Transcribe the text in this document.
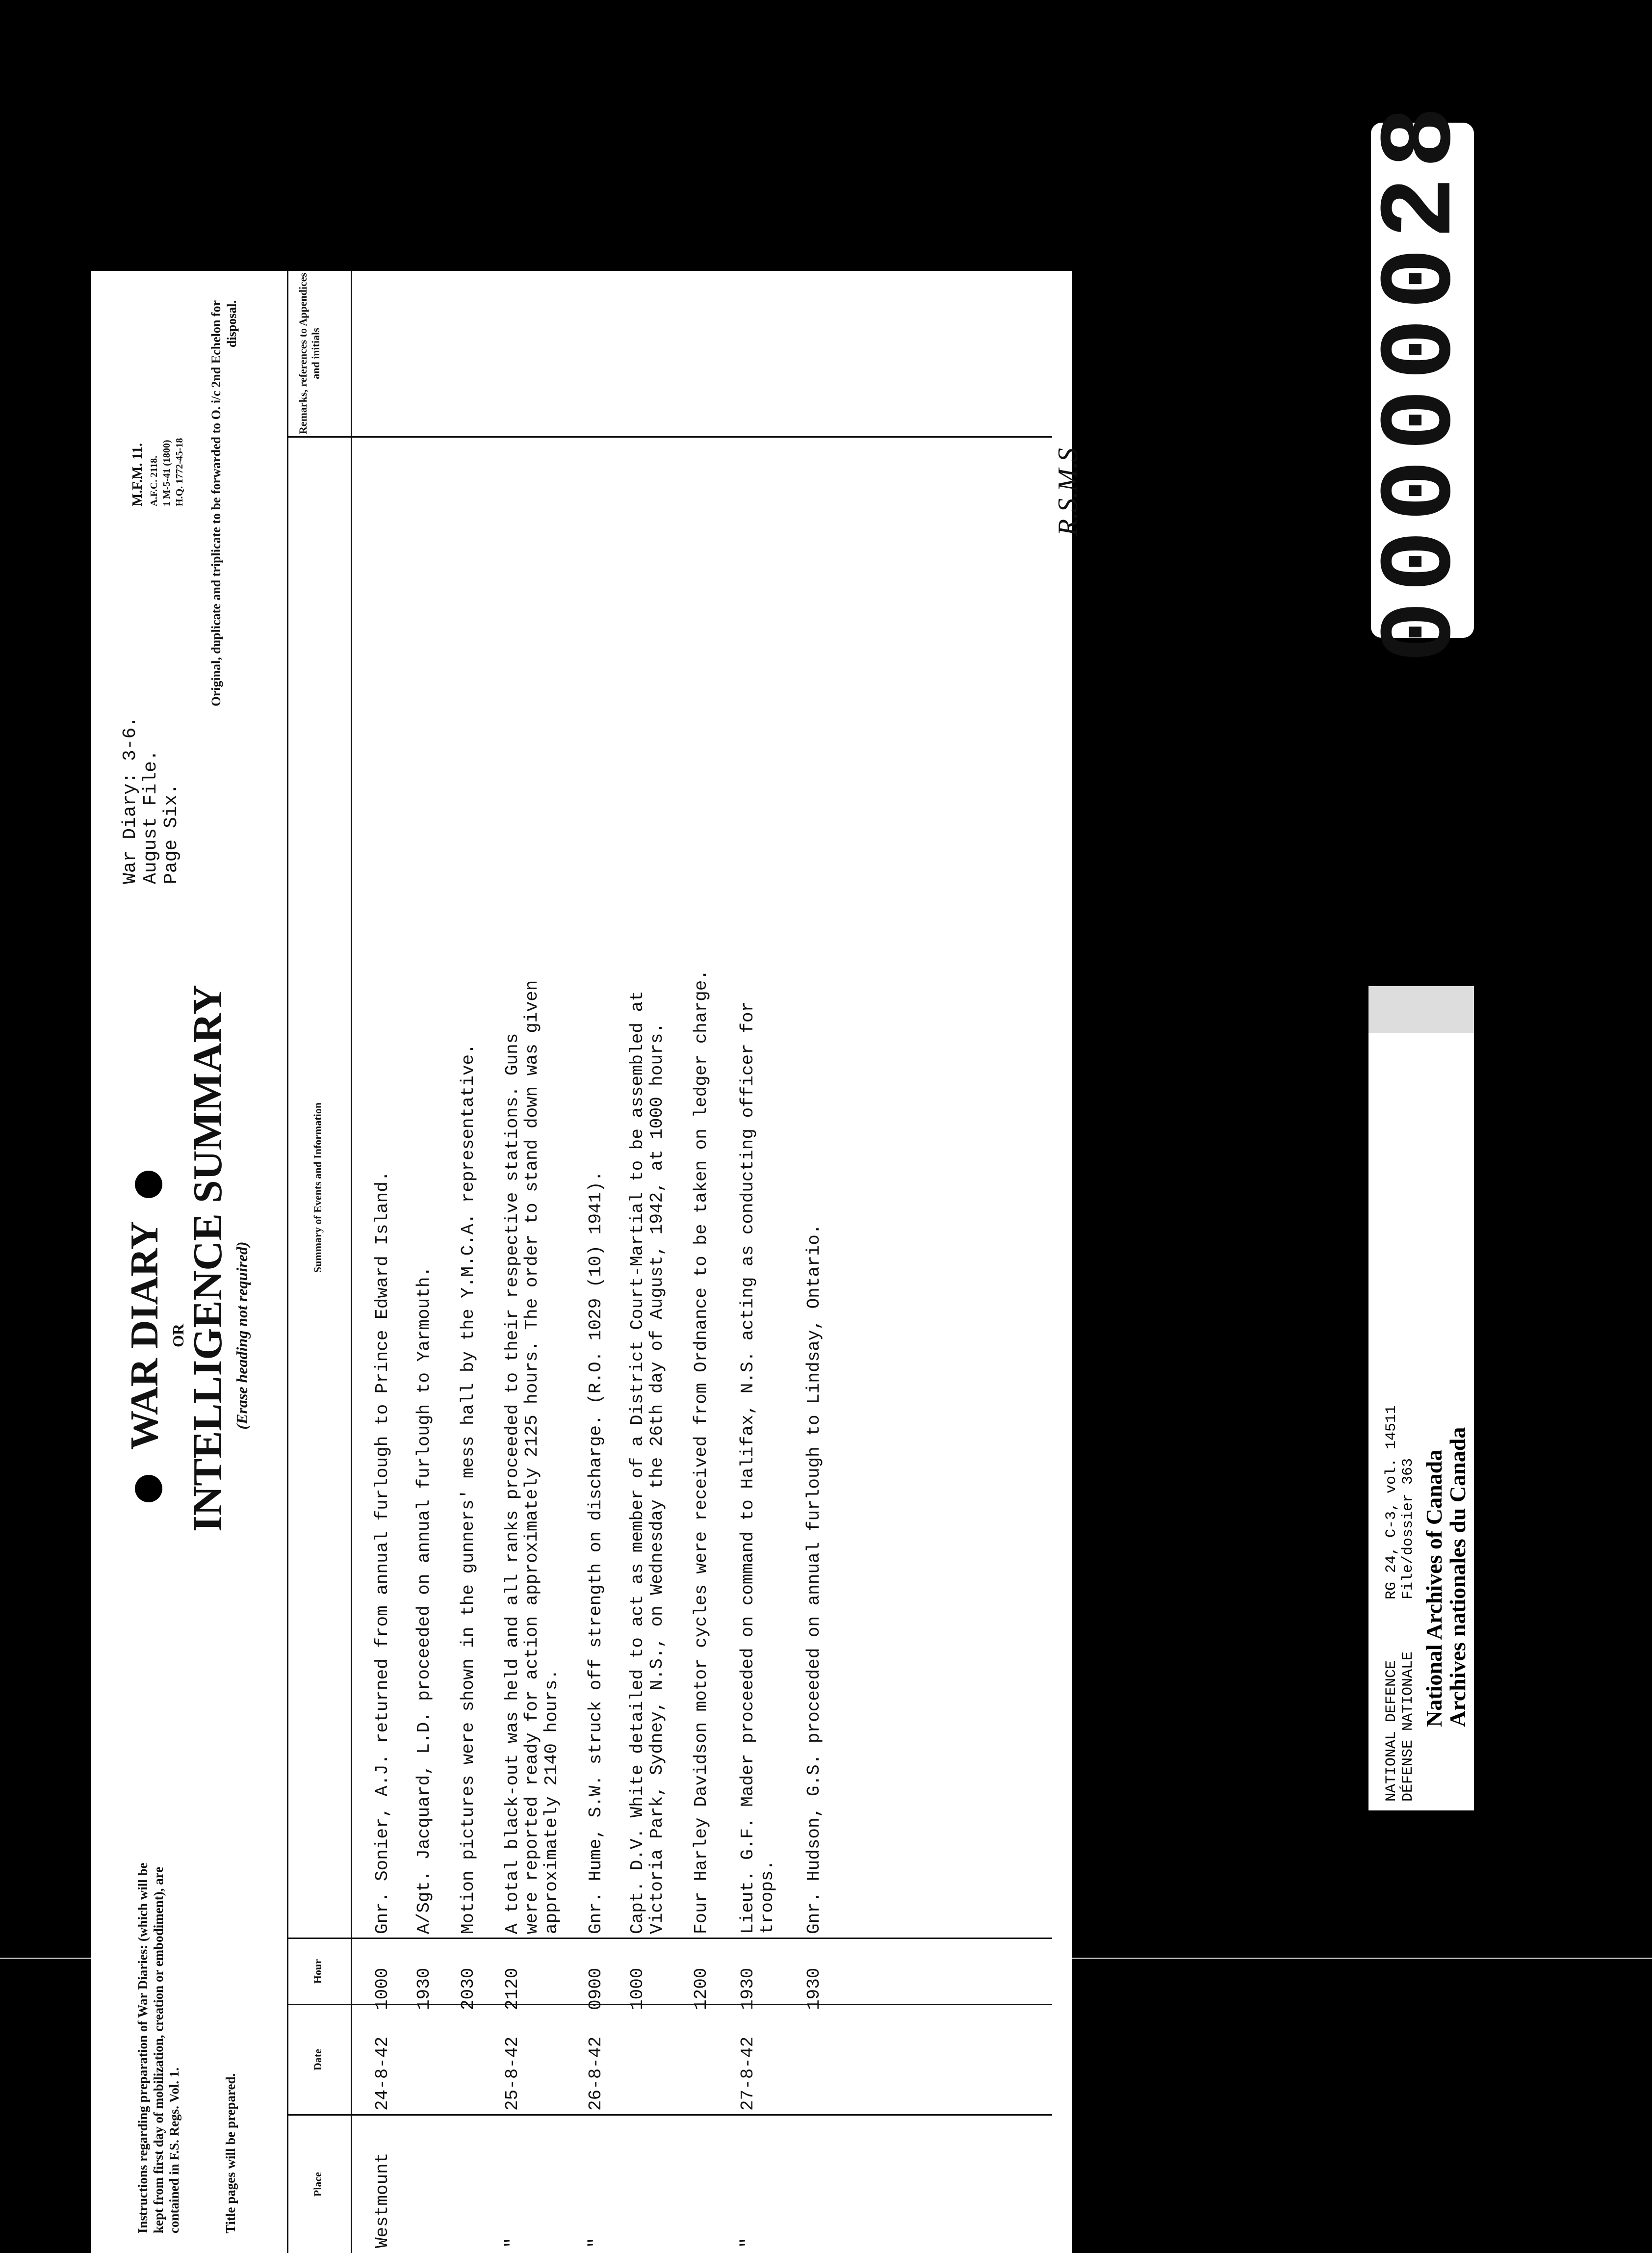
Instructions regarding preparation of War Diaries: (which will be kept from first day of mobilization, creation or embodiment), are contained in F.S. Regs. Vol. 1.	Title pages will be prepared.
WAR DIARY OR
INTELLIGENCE SUMMARY (Erase heading not required)
War Diary: 3-6. August File. Page Six.
M.F.M. 11. A.F.C. 2118. 1 M-5-41 (1800) H.Q. 1772-45-18 Original, duplicate and triplicate to be forwarded to O. i/c 2nd Echelon for disposal.
Place
Date
Hour
Summary of Events and Information
Remarks, references to Appendices and initials
Westmount
24-8-42
1000
Gnr. Sonier, A.J. returned from annual furlough to Prince Edward Island.
1930
A/Sgt. Jacquard, L.D. proceeded on annual furlough to Yarmouth.
2030
Motion pictures were shown in the gunners' mess hall by the Y.M.C.A. representative.
"
25-8-42
2120
A total black-out was held and all ranks proceeded to their respective stations. Guns
were reported ready for action approximately 2125 hours. The order to stand down was given
approximately 2140 hours.
"
26-8-42
0900
Gnr. Hume, S.W. struck off strength on discharge. (R.O. 1029 (10) 1941).
1000
Capt. D.V. White detailed to act as member of a District Court-Martial to be assembled at
Victoria Park, Sydney, N.S., on Wednesday the 26th day of August, 1942, at 1000 hours.
1200
Four Harley Davidson motor cycles were received from Ordnance to be taken on ledger charge.
"
27-8-42
1930
Lieut. G.F. Mader proceeded on command to Halifax, N.S. acting as conducting officer for
troops.
1930
Gnr. Hudson, G.S. proceeded on annual furlough to Lindsay, Ontario.
R.S.M.S	00000028
NATIONAL DEFENCE DÉFENSE NATIONALE
RG 24, C-3, vol. 14511 File/dossier 363 National Archives of Canada
Archives nationales du Canada
